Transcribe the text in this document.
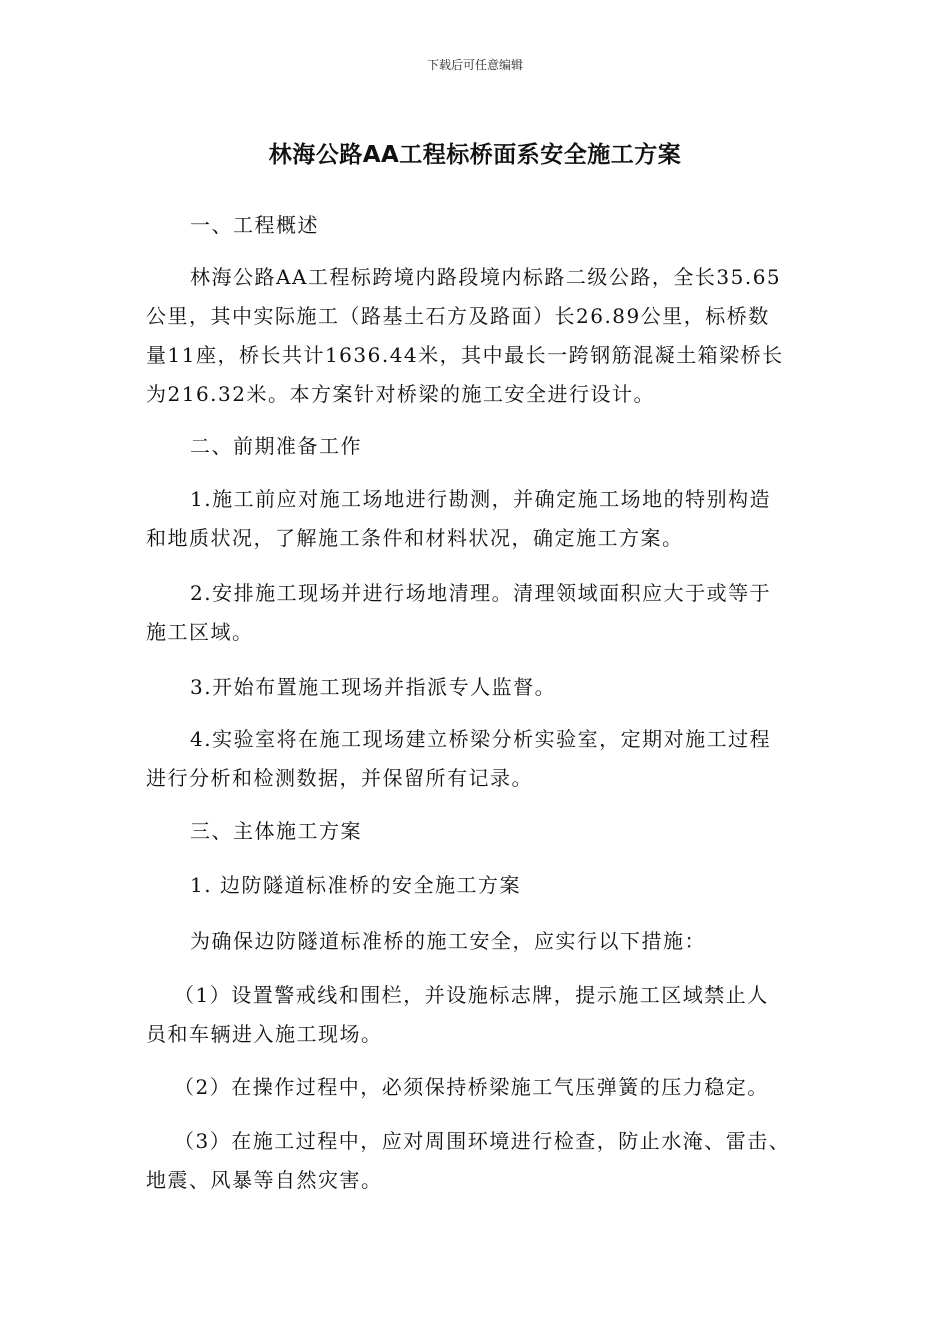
下载后可任意编辑
林海公路AA工程标桥面系安全施工方案
一、工程概述
林海公路AA工程标跨境内路段境内标路二级公路，全长35.65
公里，其中实际施工（路基土石方及路面）长26.89公里，标桥数
量11座，桥长共计1636.44米，其中最长一跨钢筋混凝土箱梁桥长
为216.32米。本方案针对桥梁的施工安全进行设计。
二、前期准备工作
1.施工前应对施工场地进行勘测，并确定施工场地的特别构造
和地质状况，了解施工条件和材料状况，确定施工方案。
2.安排施工现场并进行场地清理。清理领域面积应大于或等于
施工区域。
3.开始布置施工现场并指派专人监督。
4.实验室将在施工现场建立桥梁分析实验室，定期对施工过程
进行分析和检测数据，并保留所有记录。
三、主体施工方案
1. 边防隧道标准桥的安全施工方案
为确保边防隧道标准桥的施工安全，应实行以下措施：
（1）设置警戒线和围栏，并设施标志牌，提示施工区域禁止人
员和车辆进入施工现场。
（2）在操作过程中，必须保持桥梁施工气压弹簧的压力稳定。
（3）在施工过程中，应对周围环境进行检查，防止水淹、雷击、
地震、风暴等自然灾害。
